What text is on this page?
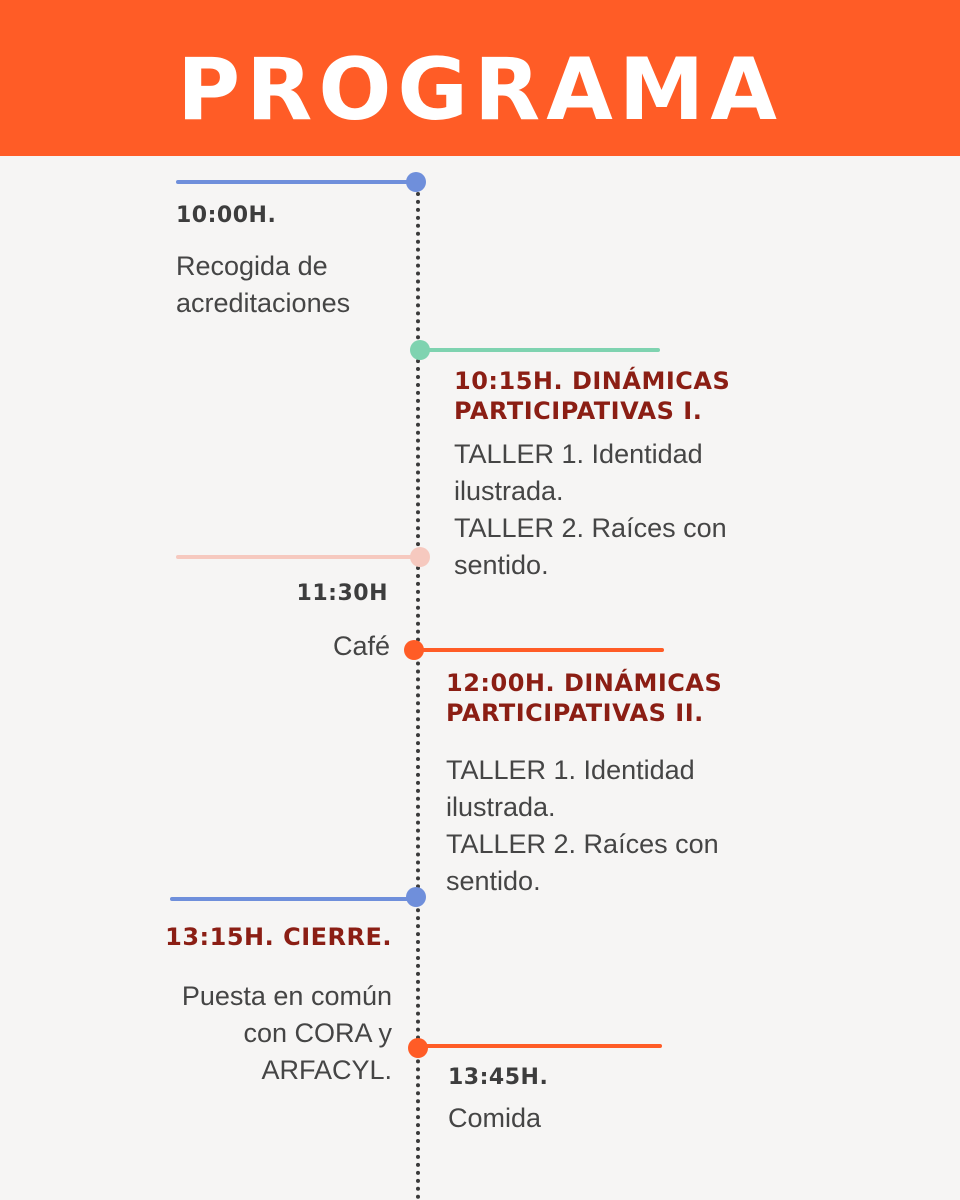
PROGRAMA
10:00H.
Recogida de
acreditaciones
10:15H. DINÁMICAS
PARTICIPATIVAS I.
TALLER 1. Identidad
ilustrada.
TALLER 2. Raíces con
sentido.
11:30H
Café
12:00H. DINÁMICAS
PARTICIPATIVAS II.
TALLER 1. Identidad
ilustrada.
TALLER 2. Raíces con
sentido.
13:15H. CIERRE.
Puesta en común
con CORA y
ARFACYL.	13:45H.
Comida
